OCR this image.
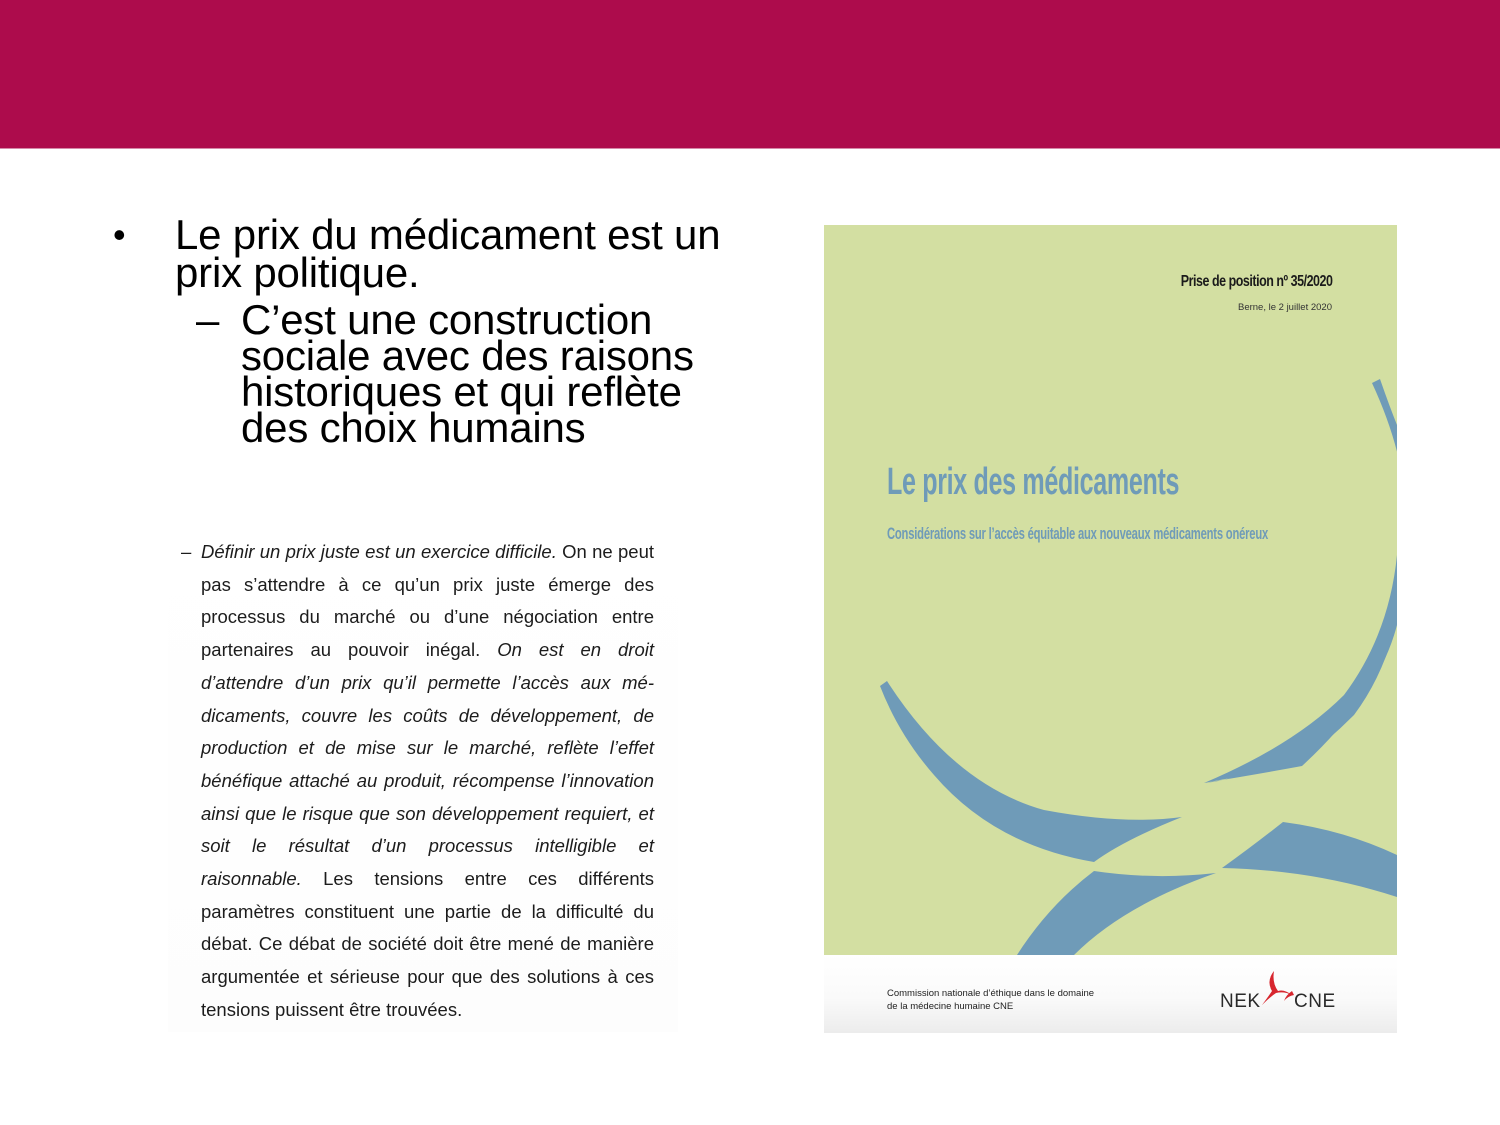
• Le prix du médicament est un prix politique.
– C’est une construction sociale avec des raisons historiques et qui reflète des choix humains

– Définir un prix juste est un exercice difficile. On ne peut pas s’attendre à ce qu’un prix juste émerge des processus du marché ou d’une négociation entre partenaires au pouvoir inégal. On est en droit d’attendre d’un prix qu’il permette l’accès aux médicaments, couvre les coûts de développement, de production et de mise sur le marché, reflète l’effet bénéfique attaché au produit, récompense l’innovation ainsi que le risque que son développement requiert, et soit le résultat d’un processus intelligible et raisonnable. Les tensions entre ces différents paramètres constituent une partie de la difficulté du débat. Ce débat de société doit être mené de manière argumentée et sérieuse pour que des solutions à ces tensions puissent être trouvées.

Prise de position nº 35/2020
Berne, le 2 juillet 2020
Le prix des médicaments
Considérations sur l’accès équitable aux nouveaux médicaments onéreux
Commission nationale d’éthique dans le domaine de la médecine humaine CNE	NEK CNE
